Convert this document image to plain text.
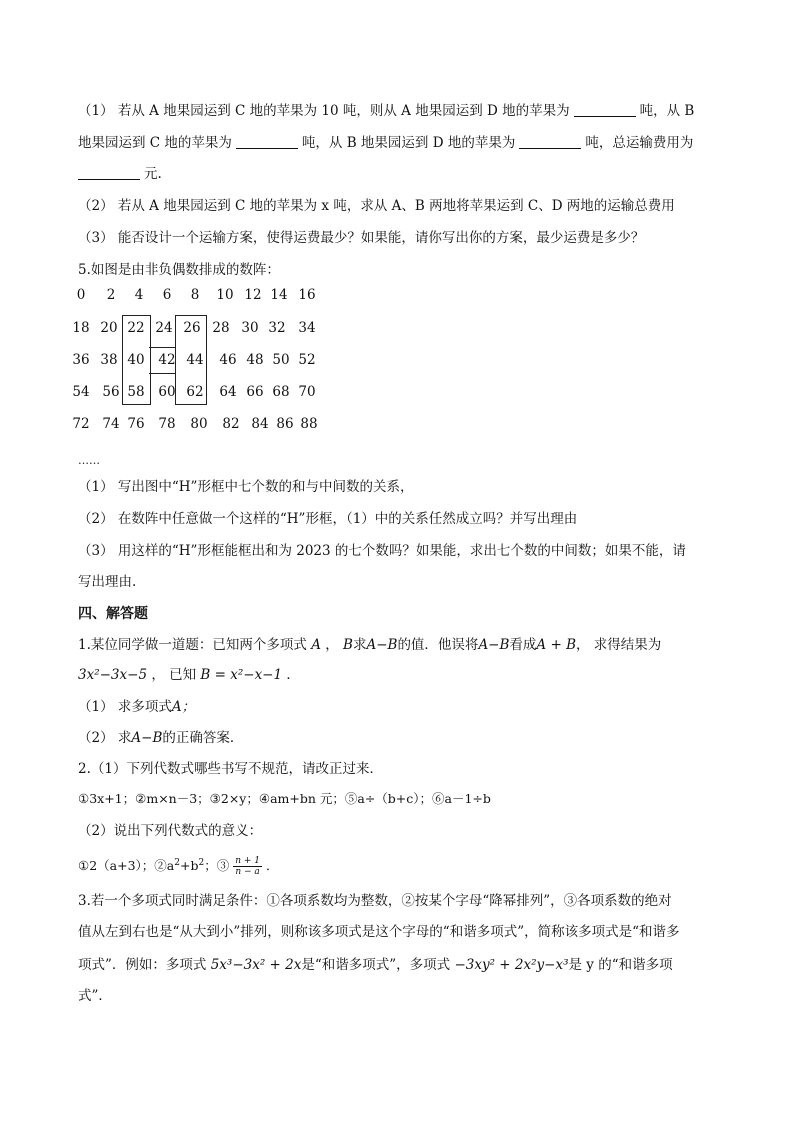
（1） 若从 A 地果园运到 C 地的苹果为 10 吨，则从 A 地果园运到 D 地的苹果为	吨，从 B
地果园运到 C 地的苹果为	吨，从 B 地果园运到 D 地的苹果为	吨，总运输费用为
元.
（2） 若从 A 地果园运到 C 地的苹果为 x 吨，求从 A、B 两地将苹果运到 C、D 两地的运输总费用
（3） 能否设计一个运输方案，使得运费最少？如果能，请你写出你的方案，最少运费是多少？
5.如图是由非负偶数排成的数阵：
0	2	4	6	8	10 12 14 16
18 20 22 24 26 28 30 32 34
36 38 40	42 44	46 48 50 52
54 56 58	60 62	64 66 68 70
72 74 76	78	80	82 84 86 88
……
（1） 写出图中“H”形框中七个数的和与中间数的关系，
（2） 在数阵中任意做一个这样的“H”形框，（1）中的关系任然成立吗？并写出理由
（3） 用这样的“H”形框能框出和为 2023 的七个数吗？如果能，求出七个数的中间数；如果不能，请
写出理由.
四、解答题
1.某位同学做一道题：已知两个多项式 A ， B求A−B的值．他误将A−B看成A + B， 求得结果为
3x²−3x−5 ， 已知 B = x²−x−1 ．
（1） 求多项式A；
（2） 求A−B的正确答案．
2.（1）下列代数式哪些书写不规范，请改正过来．
①3x+1；②m×n－3；③2×y；④am+bn 元；⑤a÷（b+c）；⑥a－1÷b
（2）说出下列代数式的意义：
①2（a+3）；$②a^2+b^2$；③ $\frac{n + 1}{n - a}$ ．
3.若一个多项式同时满足条件：①各项系数均为整数，②按某个字母“降幂排列”，③各项系数的绝对
值从左到右也是“从大到小”排列，则称该多项式是这个字母的“和谐多项式”，简称该多项式是“和谐多
项式”．例如：多项式 5x³−3x² + 2x是“和谐多项式”，多项式 −3xy² + 2x²y−x³是 y 的“和谐多项
式”．
